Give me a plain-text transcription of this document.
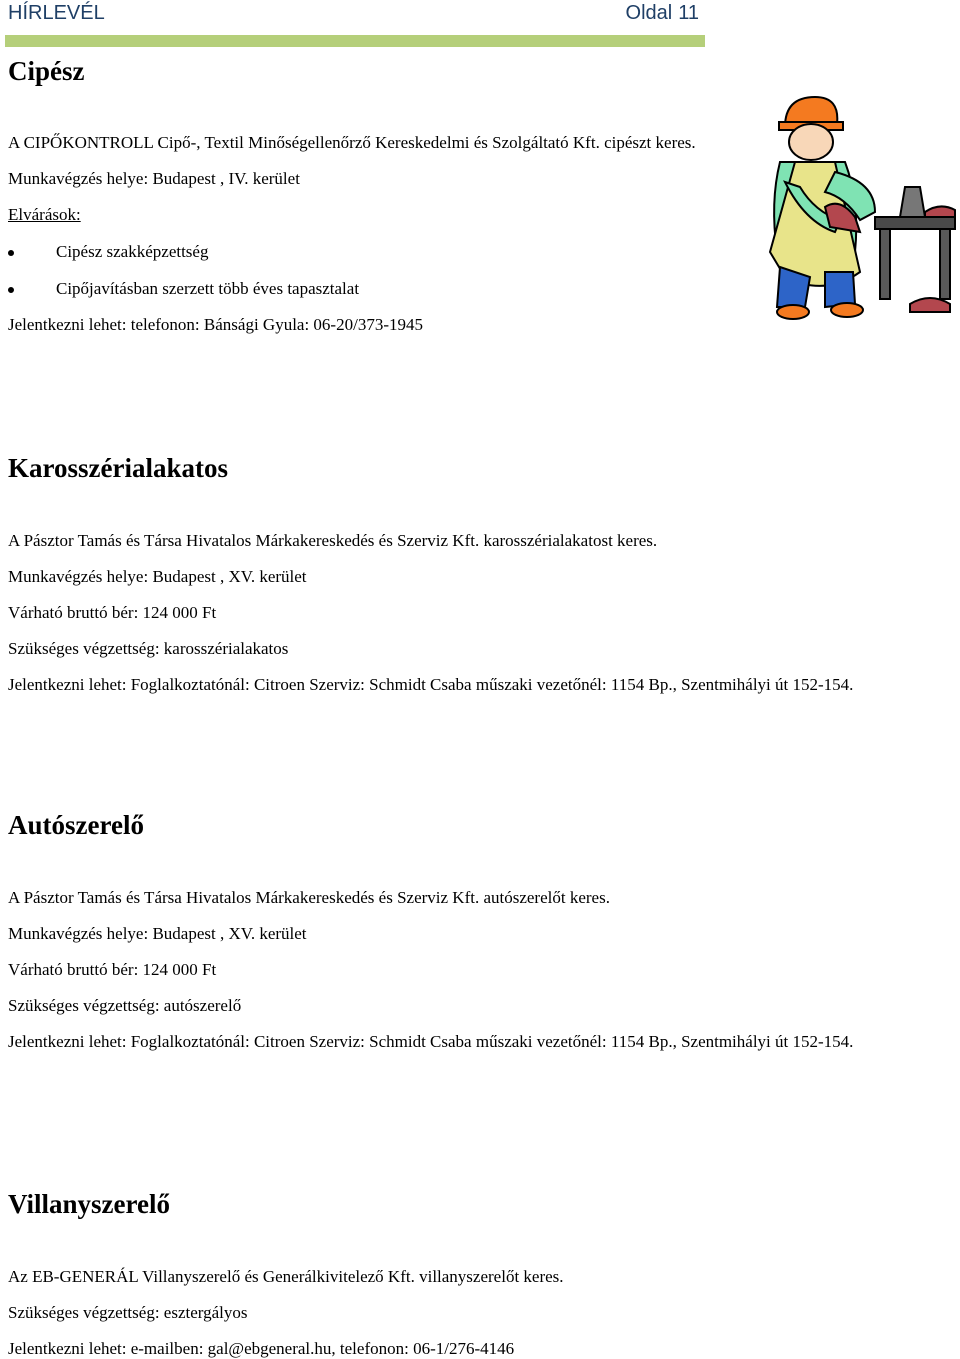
HÍRLEVÉL	Oldal 11
Cipész
A CIPŐKONTROLL Cipő-, Textil Minőségellenőrző Kereskedelmi és Szolgáltató Kft. cipészt keres.
Munkavégzés helye: Budapest , IV. kerület
Elvárások:
Cipész szakképzettség
Cipőjavításban szerzett több éves tapasztalat
Jelentkezni lehet: telefonon: Bánsági Gyula: 06-20/373-1945
Karosszérialakatos
A Pásztor Tamás és Társa Hivatalos Márkakereskedés és Szerviz Kft. karosszérialakatost keres.
Munkavégzés helye: Budapest , XV. kerület
Várható bruttó bér: 124 000 Ft
Szükséges végzettség: karosszérialakatos
Jelentkezni lehet: Foglalkoztatónál: Citroen Szerviz: Schmidt Csaba műszaki vezetőnél: 1154 Bp., Szentmihályi út 152-154.
Autószerelő
A Pásztor Tamás és Társa Hivatalos Márkakereskedés és Szerviz Kft. autószerelőt keres.
Munkavégzés helye: Budapest , XV. kerület
Várható bruttó bér: 124 000 Ft
Szükséges végzettség: autószerelő
Jelentkezni lehet: Foglalkoztatónál: Citroen Szerviz: Schmidt Csaba műszaki vezetőnél: 1154 Bp., Szentmihályi út 152-154.
Villanyszerelő
Az EB-GENERÁL Villanyszerelő és Generálkivitelező Kft. villanyszerelőt keres.
Szükséges végzettség: esztergályos
Jelentkezni lehet: e-mailben: gal@ebgeneral.hu, telefonon: 06-1/276-4146
